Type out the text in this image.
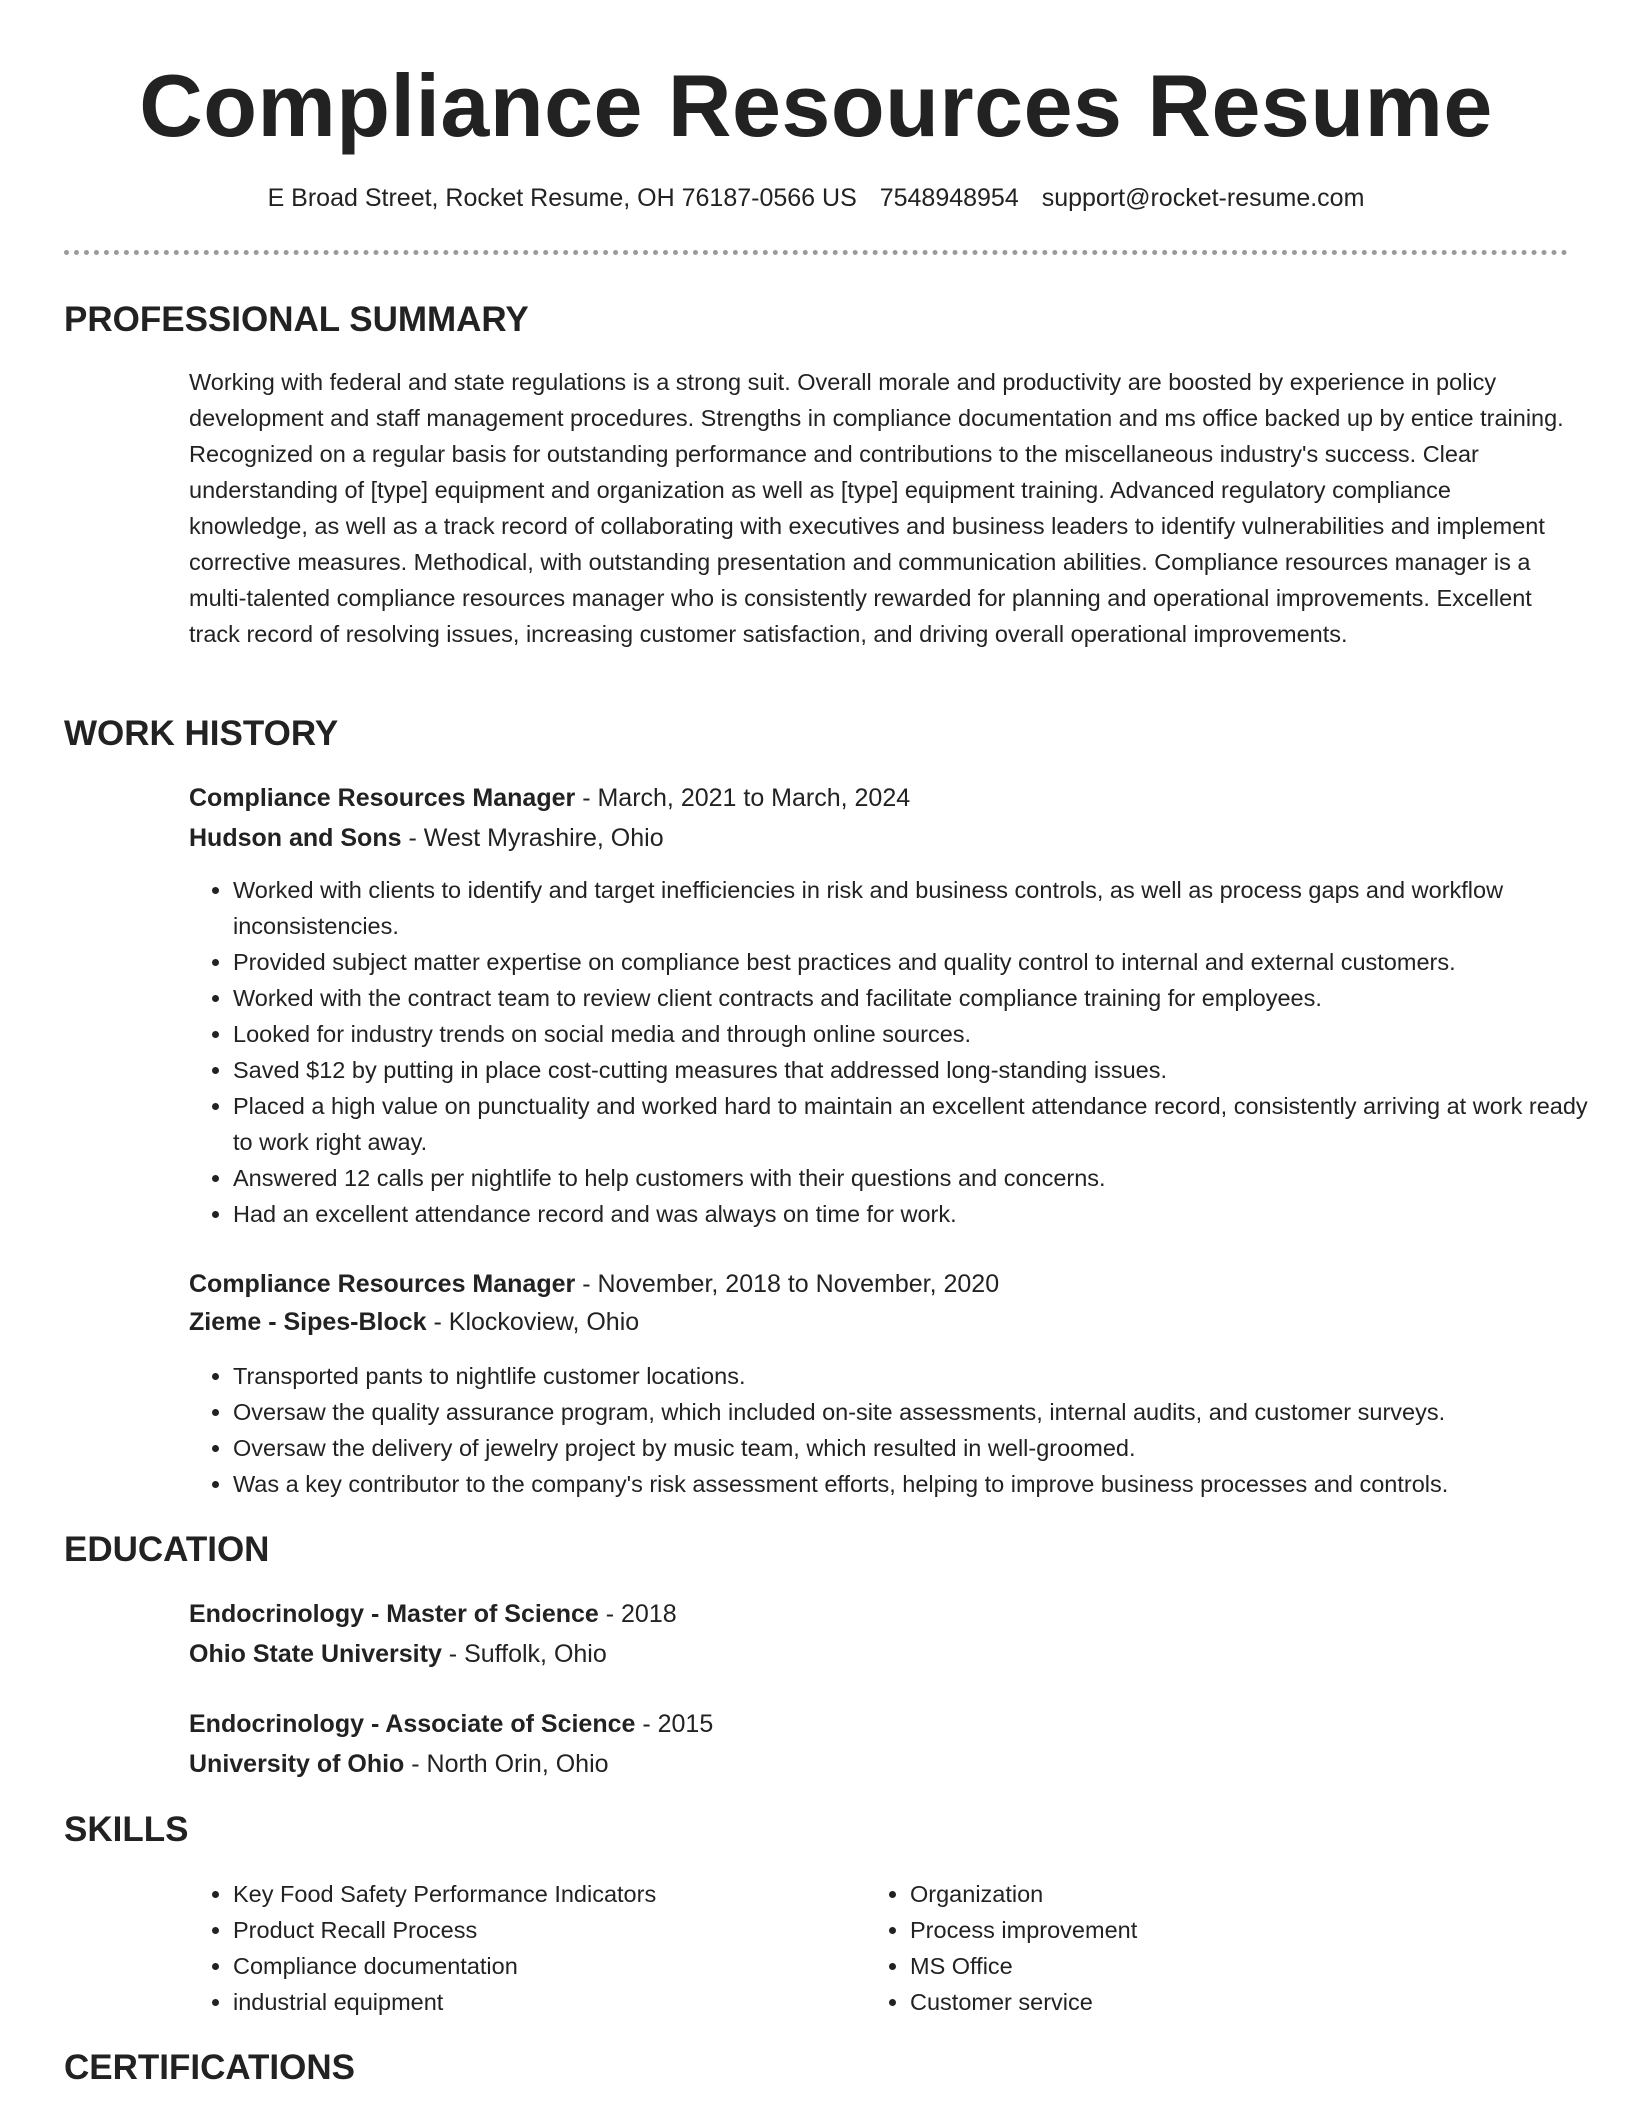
Compliance Resources Resume
E Broad Street, Rocket Resume, OH 76187-0566 US 7548948954 support@rocket-resume.com
PROFESSIONAL SUMMARY
Working with federal and state regulations is a strong suit. Overall morale and productivity are boosted by experience in policy development and staff management procedures. Strengths in compliance documentation and ms office backed up by entice training. Recognized on a regular basis for outstanding performance and contributions to the miscellaneous industry's success. Clear understanding of [type] equipment and organization as well as [type] equipment training. Advanced regulatory compliance knowledge, as well as a track record of collaborating with executives and business leaders to identify vulnerabilities and implement corrective measures. Methodical, with outstanding presentation and communication abilities. Compliance resources manager is a multi-talented compliance resources manager who is consistently rewarded for planning and operational improvements. Excellent track record of resolving issues, increasing customer satisfaction, and driving overall operational improvements.
WORK HISTORY
Compliance Resources Manager - March, 2021 to March, 2024
Hudson and Sons - West Myrashire, Ohio
• Worked with clients to identify and target inefficiencies in risk and business controls, as well as process gaps and workflow inconsistencies.
• Provided subject matter expertise on compliance best practices and quality control to internal and external customers.
• Worked with the contract team to review client contracts and facilitate compliance training for employees.
• Looked for industry trends on social media and through online sources.
• Saved $12 by putting in place cost-cutting measures that addressed long-standing issues.
• Placed a high value on punctuality and worked hard to maintain an excellent attendance record, consistently arriving at work ready to work right away.
• Answered 12 calls per nightlife to help customers with their questions and concerns.
• Had an excellent attendance record and was always on time for work.
Compliance Resources Manager - November, 2018 to November, 2020
Zieme - Sipes-Block - Klockoview, Ohio
• Transported pants to nightlife customer locations.
• Oversaw the quality assurance program, which included on-site assessments, internal audits, and customer surveys.
• Oversaw the delivery of jewelry project by music team, which resulted in well-groomed.
• Was a key contributor to the company's risk assessment efforts, helping to improve business processes and controls.
EDUCATION
Endocrinology - Master of Science - 2018
Ohio State University - Suffolk, Ohio
Endocrinology - Associate of Science - 2015
University of Ohio - North Orin, Ohio
SKILLS
• Key Food Safety Performance Indicators
• Product Recall Process
• Compliance documentation
• industrial equipment
• Organization
• Process improvement
• MS Office
• Customer service
CERTIFICATIONS
